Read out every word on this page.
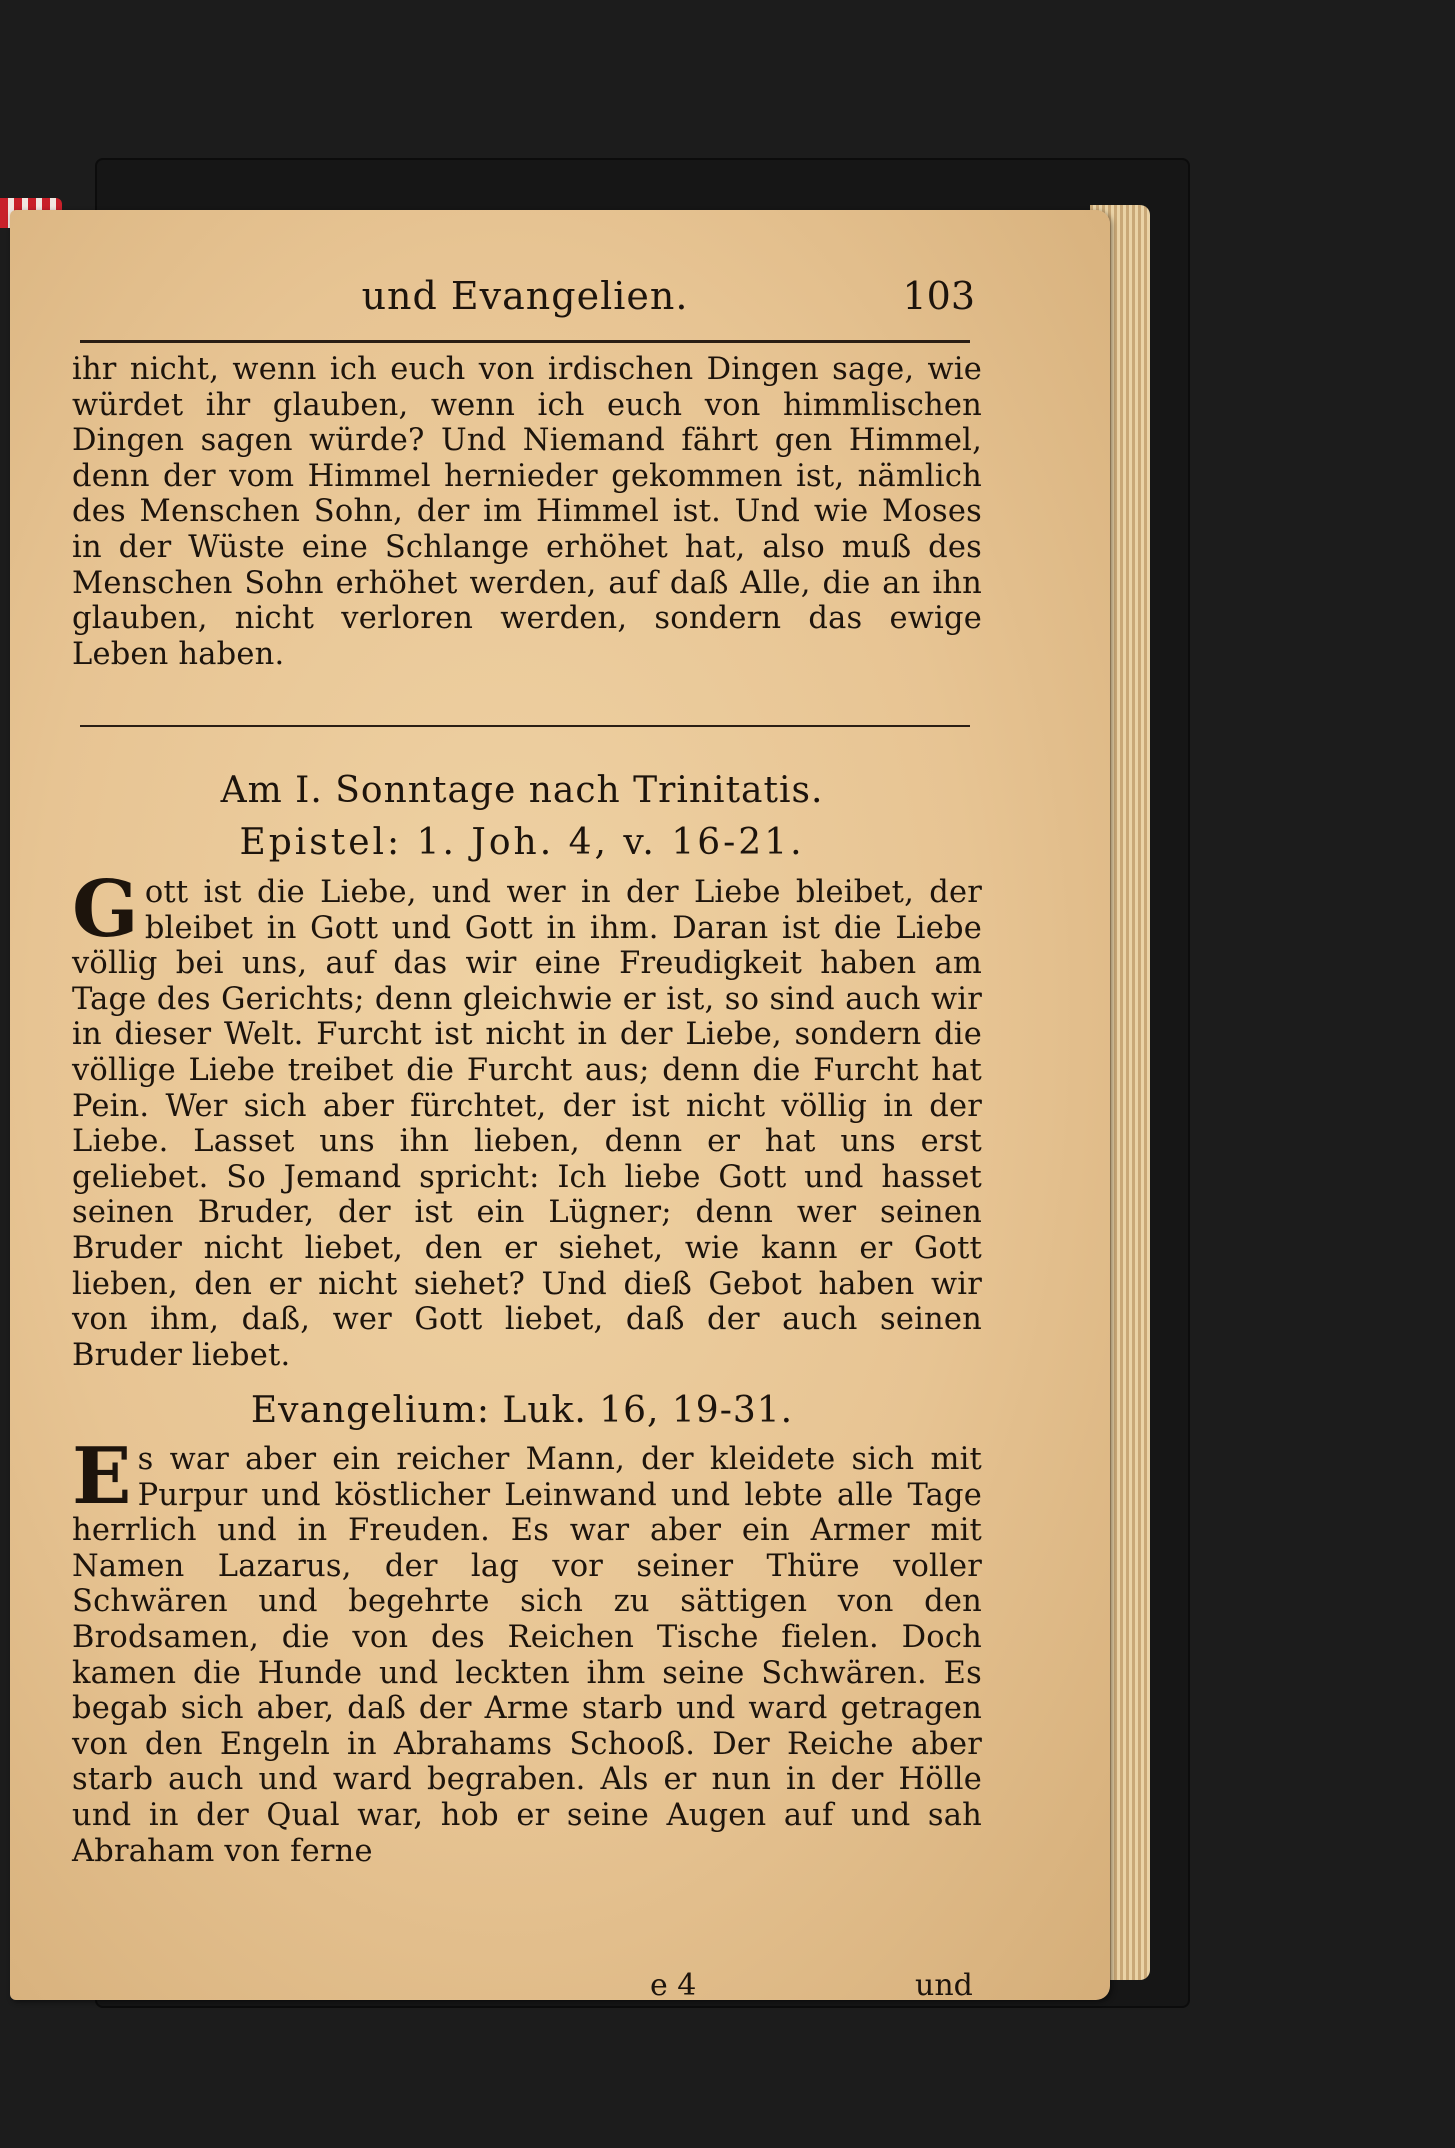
und Evangelien.	103
ihr nicht, wenn ich euch von irdischen Dingen sage, wie würdet ihr glauben, wenn ich euch von himmlischen Dingen sagen würde? Und Niemand fährt gen Himmel, denn der vom Himmel hernieder gekommen ist, nämlich des Menschen Sohn, der im Himmel ist. Und wie Moses in der Wüste eine Schlange erhöhet hat, also muß des Menschen Sohn erhöhet werden, auf daß Alle, die an ihn glauben, nicht verloren werden, sondern das ewige Leben haben.
Am I. Sonntage nach Trinitatis.
Epistel: 1. Joh. 4, v. 16-21.
Gott ist die Liebe, und wer in der Liebe bleibet, der bleibet in Gott und Gott in ihm. Daran ist die Liebe völlig bei uns, auf das wir eine Freudigkeit haben am Tage des Gerichts; denn gleichwie er ist, so sind auch wir in dieser Welt. Furcht ist nicht in der Liebe, sondern die völlige Liebe treibet die Furcht aus; denn die Furcht hat Pein. Wer sich aber fürchtet, der ist nicht völlig in der Liebe. Lasset uns ihn lieben, denn er hat uns erst geliebet. So Jemand spricht: Ich liebe Gott und hasset seinen Bruder, der ist ein Lügner; denn wer seinen Bruder nicht liebet, den er siehet, wie kann er Gott lieben, den er nicht siehet? Und dieß Gebot haben wir von ihm, daß, wer Gott liebet, daß der auch seinen Bruder liebet.
Evangelium: Luk. 16, 19-31.
Es war aber ein reicher Mann, der kleidete sich mit Purpur und köstlicher Leinwand und lebte alle Tage herrlich und in Freuden. Es war aber ein Armer mit Namen Lazarus, der lag vor seiner Thüre voller Schwären und begehrte sich zu sättigen von den Brodsamen, die von des Reichen Tische fielen. Doch kamen die Hunde und leckten ihm seine Schwären. Es begab sich aber, daß der Arme starb und ward getragen von den Engeln in Abrahams Schooß. Der Reiche aber starb auch und ward begraben. Als er nun in der Hölle und in der Qual war, hob er seine Augen auf und sah Abraham von ferne
e 4	und
